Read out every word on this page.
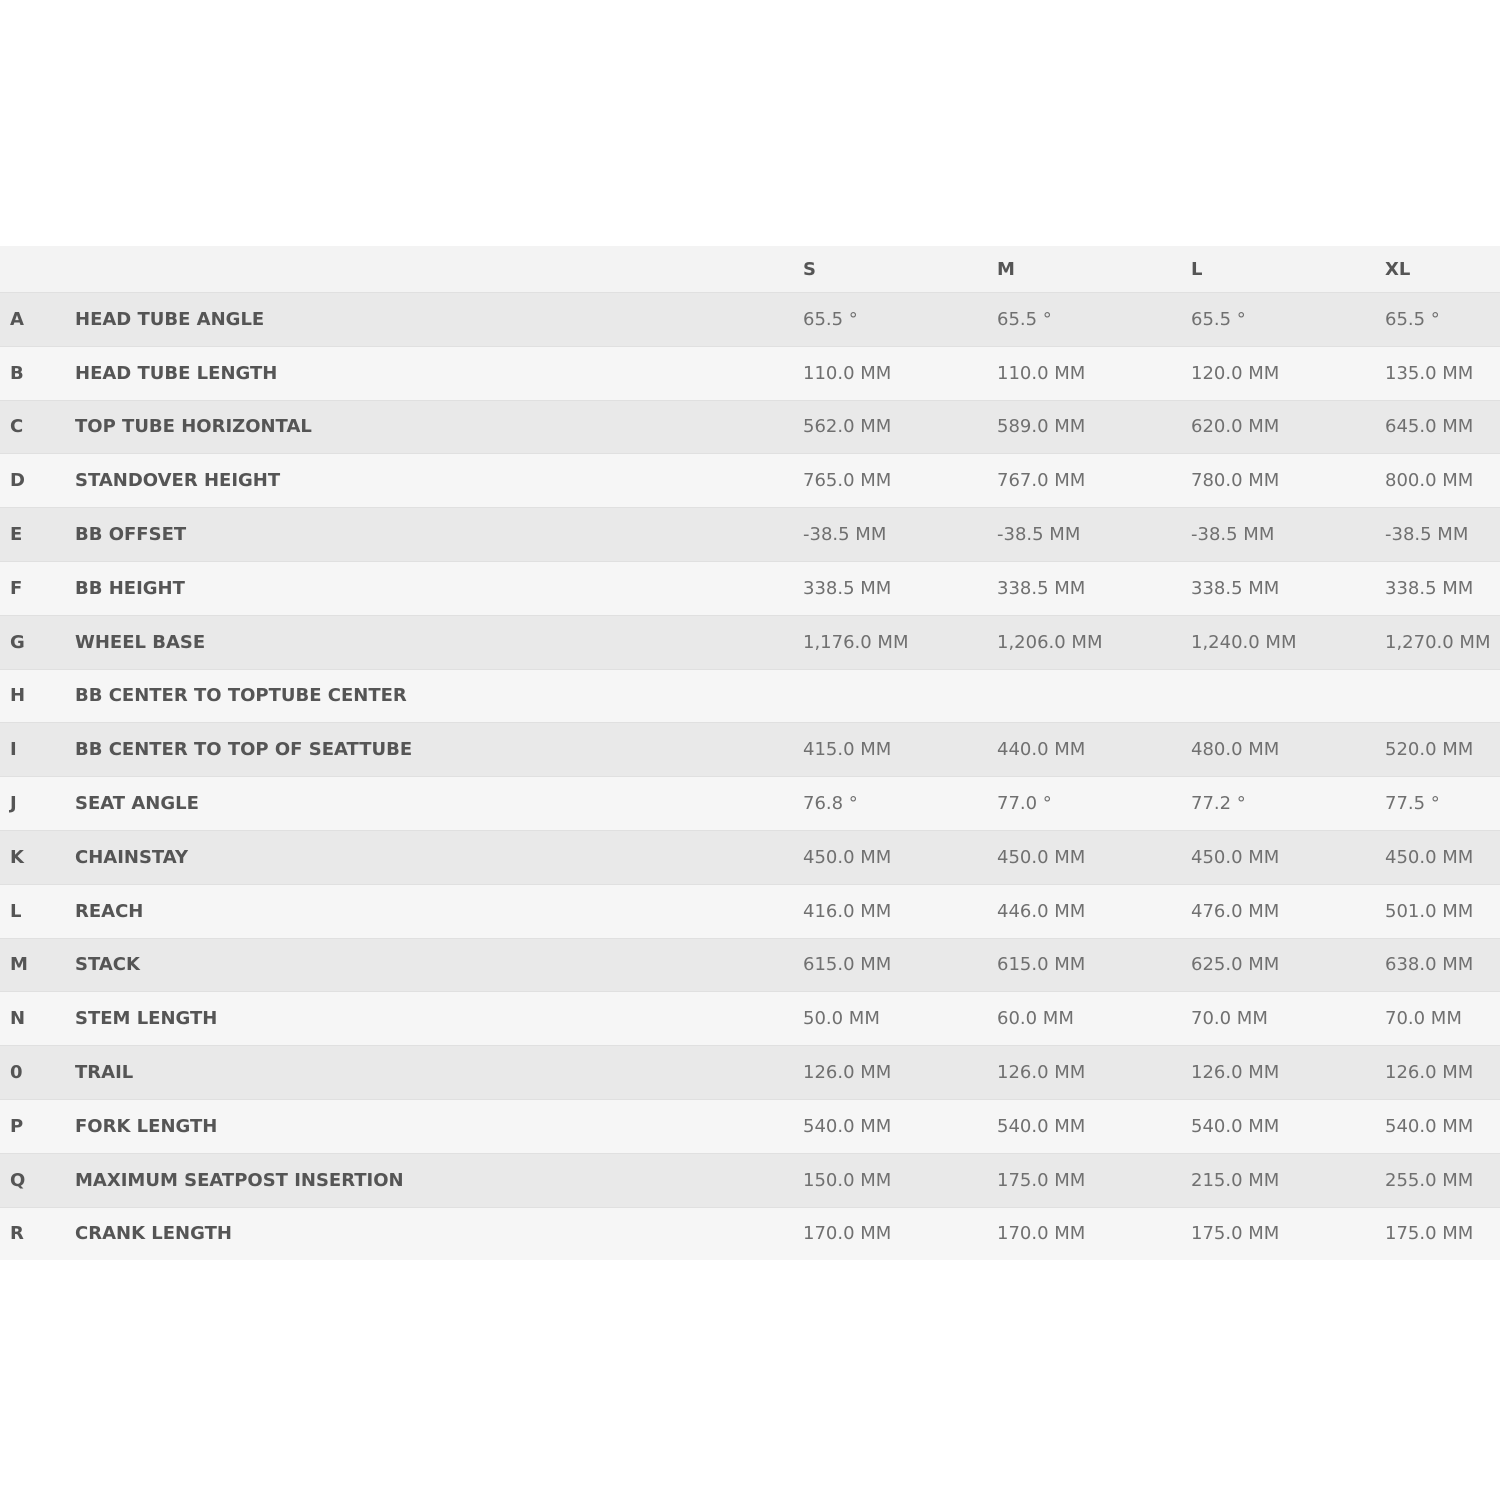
		S	M	L	XL
A	HEAD TUBE ANGLE	65.5 °	65.5 °	65.5 °	65.5 °
B	HEAD TUBE LENGTH	110.0 MM	110.0 MM	120.0 MM	135.0 MM
C	TOP TUBE HORIZONTAL	562.0 MM	589.0 MM	620.0 MM	645.0 MM
D	STANDOVER HEIGHT	765.0 MM	767.0 MM	780.0 MM	800.0 MM
E	BB OFFSET	-38.5 MM	-38.5 MM	-38.5 MM	-38.5 MM
F	BB HEIGHT	338.5 MM	338.5 MM	338.5 MM	338.5 MM
G	WHEEL BASE	1,176.0 MM	1,206.0 MM	1,240.0 MM	1,270.0 MM
H	BB CENTER TO TOPTUBE CENTER				
I	BB CENTER TO TOP OF SEATTUBE	415.0 MM	440.0 MM	480.0 MM	520.0 MM
J	SEAT ANGLE	76.8 °	77.0 °	77.2 °	77.5 °
K	CHAINSTAY	450.0 MM	450.0 MM	450.0 MM	450.0 MM
L	REACH	416.0 MM	446.0 MM	476.0 MM	501.0 MM
M	STACK	615.0 MM	615.0 MM	625.0 MM	638.0 MM
N	STEM LENGTH	50.0 MM	60.0 MM	70.0 MM	70.0 MM
0	TRAIL	126.0 MM	126.0 MM	126.0 MM	126.0 MM
P	FORK LENGTH	540.0 MM	540.0 MM	540.0 MM	540.0 MM
Q	MAXIMUM SEATPOST INSERTION	150.0 MM	175.0 MM	215.0 MM	255.0 MM
R	CRANK LENGTH	170.0 MM	170.0 MM	175.0 MM	175.0 MM
